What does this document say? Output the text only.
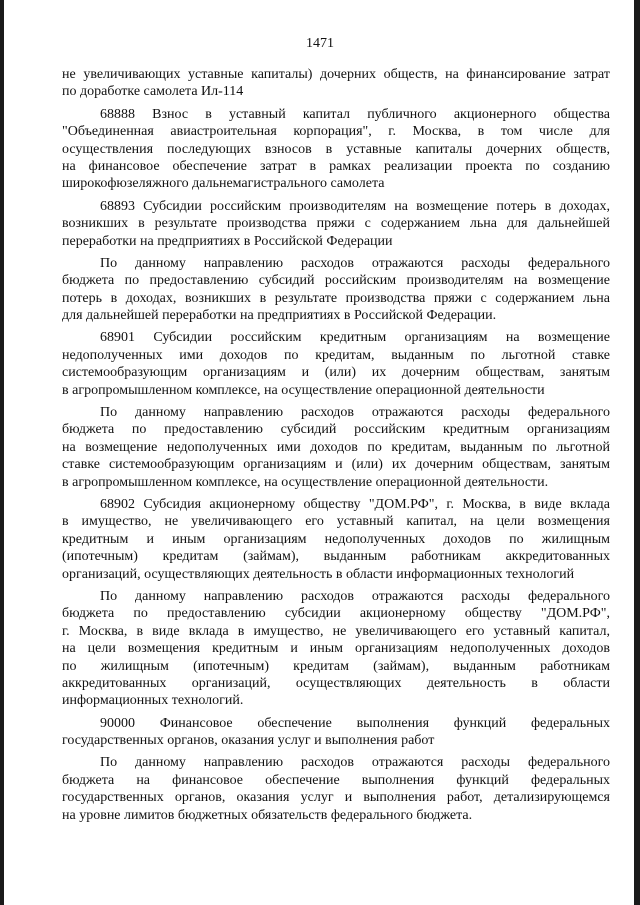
1471
не увеличивающих уставные капиталы) дочерних обществ, на финансирование затрат
по доработке самолета Ил-114
68888 Взнос в уставный капитал публичного акционерного общества
"Объединенная авиастроительная корпорация", г. Москва, в том числе для
осуществления последующих взносов в уставные капиталы дочерних обществ,
на финансовое обеспечение затрат в рамках реализации проекта по созданию
широкофюзеляжного дальнемагистрального самолета
68893 Субсидии российским производителям на возмещение потерь в доходах,
возникших в результате производства пряжи с содержанием льна для дальнейшей
переработки на предприятиях в Российской Федерации
По данному направлению расходов отражаются расходы федерального
бюджета по предоставлению субсидий российским производителям на возмещение
потерь в доходах, возникших в результате производства пряжи с содержанием льна
для дальнейшей переработки на предприятиях в Российской Федерации.
68901 Субсидии российским кредитным организациям на возмещение
недополученных ими доходов по кредитам, выданным по льготной ставке
системообразующим организациям и (или) их дочерним обществам, занятым
в агропромышленном комплексе, на осуществление операционной деятельности
По данному направлению расходов отражаются расходы федерального
бюджета по предоставлению субсидий российским кредитным организациям
на возмещение недополученных ими доходов по кредитам, выданным по льготной
ставке системообразующим организациям и (или) их дочерним обществам, занятым
в агропромышленном комплексе, на осуществление операционной деятельности.
68902 Субсидия акционерному обществу "ДОМ.РФ", г. Москва, в виде вклада
в имущество, не увеличивающего его уставный капитал, на цели возмещения
кредитным и иным организациям недополученных доходов по жилищным
(ипотечным) кредитам (займам), выданным работникам аккредитованных
организаций, осуществляющих деятельность в области информационных технологий
По данному направлению расходов отражаются расходы федерального
бюджета по предоставлению субсидии акционерному обществу "ДОМ.РФ",
г. Москва, в виде вклада в имущество, не увеличивающего его уставный капитал,
на цели возмещения кредитным и иным организациям недополученных доходов
по жилищным (ипотечным) кредитам (займам), выданным работникам
аккредитованных организаций, осуществляющих деятельность в области
информационных технологий.
90000 Финансовое обеспечение выполнения функций федеральных
государственных органов, оказания услуг и выполнения работ
По данному направлению расходов отражаются расходы федерального
бюджета на финансовое обеспечение выполнения функций федеральных
государственных органов, оказания услуг и выполнения работ, детализирующемся
на уровне лимитов бюджетных обязательств федерального бюджета.
